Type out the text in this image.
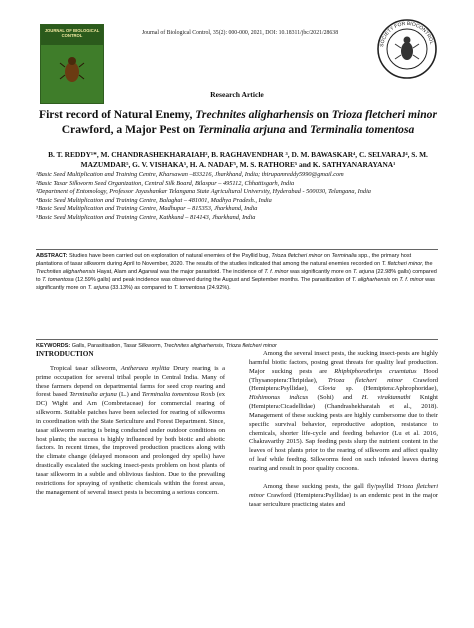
JOURNAL OF BIOLOGICAL CONTROL	Journal of Biological Control, 35(2): 000-000, 2021, DOI: 10.18311/jbc/2021/28638
SOCIETY FOR BIOCONTROL
Research Article
First record of Natural Enemy, Trechnites aligharhensis on Trioza fletcheri minor Crawford, a Major Pest on Terminalia arjuna and Terminalia tomentosa
B. T. REDDY¹*, M. CHANDRASHEKHARAIAH², B. RAGHAVENDHAR ³, D. M. BAWASKAR⁴, C. SELVARAJ⁴, S. M. MAZUMDAR⁵, G. V. VISHAKA⁵, H. A. NADAF⁵, M. S. RATHORE⁵ and K. SATHYANARAYANA¹
¹Basic Seed Multiplication and Training Centre, Kharsawan –833216, Jharkhand, India; thirupamreddy5990@gmail.com
²Basic Tasar Silkworm Seed Organization, Central Silk Board, Bilaspur – 495112, Chhattisgarh, India
³Department of Entomology, Professor Jayashankar Telangana State Agricultural University, Hyderabad - 500030, Telangana, India
⁴Basic Seed Multiplication and Training Centre, Balaghat – 481001, Madhya Pradesh., India
⁵Basic Seed Multiplication and Training Centre, Madhupur – 815353, Jharkhand, India
⁵Basic Seed Multiplication and Training Centre, Kathkund – 814143, Jharkhand, India
ABSTRACT: Studies have been carried out on exploration of natural enemies of the Psyllid bug, Trioza fletcheri minor on Terminalia spp., the primary host plantations of tasar silkworm during April to November, 2020. The results of the studies indicated that among the natural enemies recorded on T. fletcheri minor, the Trechnites aligharhensis Hayat, Alam and Agarwal was the major parasitoid. The incidence of T. f. minor was significantly more on T. arjuna (22.98% galls) compared to T. tomentosa (12.59% galls) and peak incidence was observed during the August and September months. The parasitization of T. aligharhensis on T. f. minor was significantly more on T. arjuna (33.13%) as compared to T. tomentosa (24.92%).
KEYWORDS: Galls, Parasitisation, Tasar Silkworm, Trechnites aligharhensis, Trioza fletcheri minor
INTRODUCTION

Tropical tasar silkworm, Antheraea mylitta Drury rearing is a prime occupation for several tribal people in Central India. Many of these farmers depend on departmental farms for seed crop rearing and forest based Terminalia arjuna (L.) and Terminalia tomentosa Roxb (ex DC) Wight and Arn (Combretaceae) for commercial rearing of silkworm. Suitable patches have been selected for rearing of silkworms in coordination with the State Sericulture and Forest Department. Since, tasar silkworm rearing is being conducted under outdoor conditions on host plants; the success is highly influenced by both biotic and abiotic factors. In recent times, the improved production practices along with the climate change (delayed monsoon and prolonged dry spells) have drastically escalated the sucking insect-pests problem on host plants of tasar silkworm in a subtle and oblivious fashion. Due to the prevailing restrictions for spraying of synthetic chemicals within the forest areas, the management of several insect pests is becoming a serious concern.

Among the several insect pests, the sucking insect-pests are highly harmful biotic factors, posing great threats for quality leaf production. Major sucking pests are Rhiphiphorothrips cruentatus Hood (Thysanoptera:Thripidae), Trioza fletcheri minor Crawford (Hemiptera:Psyllidae), Clovia sp. (Hemiptera:Aphrophoridae), Hishimonus indicus (Sohi) and H. viraktamathi Knight (Hemiptera:Cicadellidae) (Chandrashekharaiah et al., 2018). Management of these sucking pests are highly cumbersome due to their specific survival behavior, reproductive adoption, resistance to chemicals, shorter life-cycle and feeding behavior (Lu et al. 2016, Chakravarthy 2015). Sap feeding pests slurp the nutrient content in the leaves of host plants prior to the rearing of silkworm and affect quality of leaf while feeding. Silkworms feed on such infested leaves during rearing and result in poor quality cocoons.

Among these sucking pests, the gall fly/psyllid Trioza fletcheri minor Crawford (Hemiptera:Psyllidae) is an endemic pest in the major tasar sericulture practicing states and
